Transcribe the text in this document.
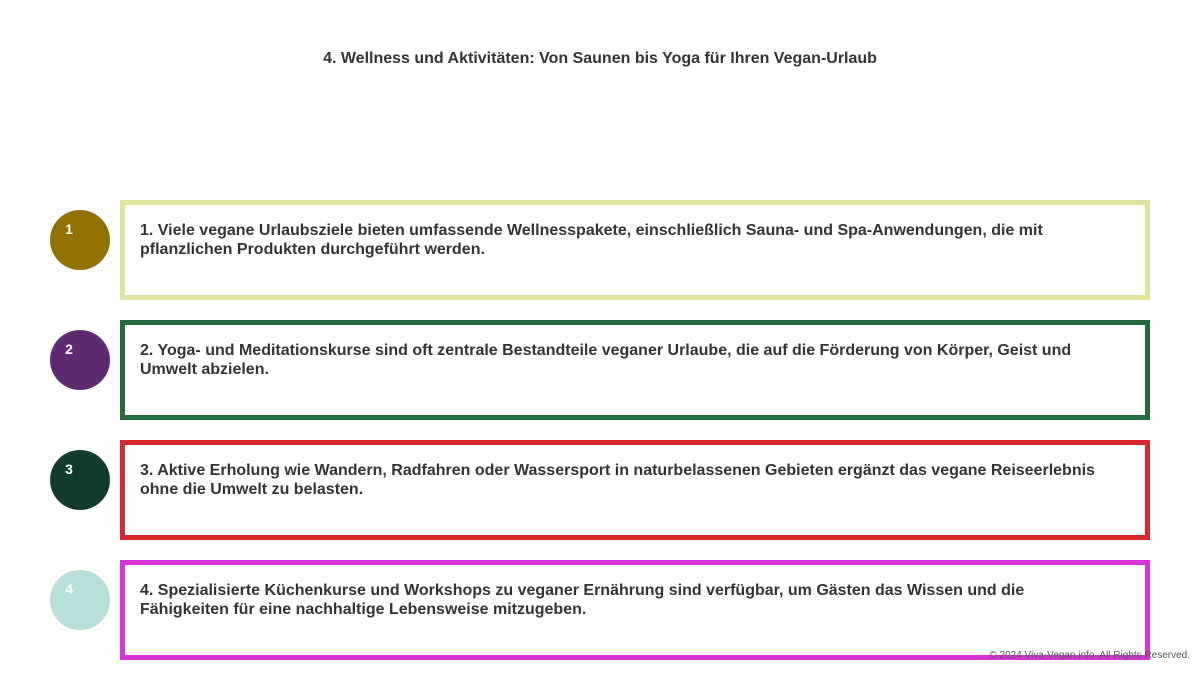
4. Wellness und Aktivitäten: Von Saunen bis Yoga für Ihren Vegan-Urlaub
1	1. Viele vegane Urlaubsziele bieten umfassende Wellnesspakete, einschließlich Sauna- und Spa-Anwendungen, die mit pflanzlichen Produkten durchgeführt werden.
2	2. Yoga- und Meditationskurse sind oft zentrale Bestandteile veganer Urlaube, die auf die Förderung von Körper, Geist und Umwelt abzielen.
3	3. Aktive Erholung wie Wandern, Radfahren oder Wassersport in naturbelassenen Gebieten ergänzt das vegane Reiseerlebnis ohne die Umwelt zu belasten.
4	4. Spezialisierte Küchenkurse und Workshops zu veganer Ernährung sind verfügbar, um Gästen das Wissen und die Fähigkeiten für eine nachhaltige Lebensweise mitzugeben.
© 2024 Viva-Vegan.info. All Rights Reserved.
